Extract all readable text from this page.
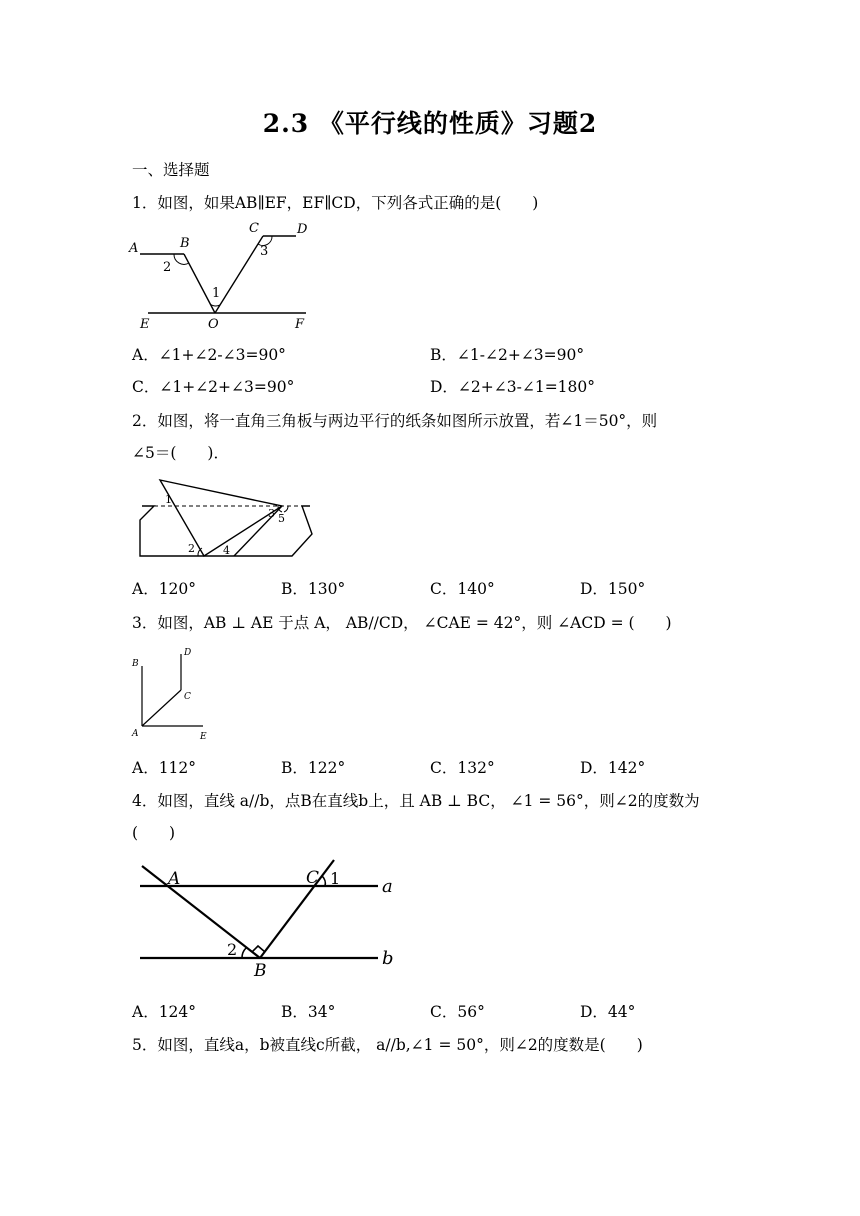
2.3 《平行线的性质》习题2
一、选择题
1．如图，如果AB∥EF，EF∥CD，下列各式正确的是(　　)
A	B
C	D
E	O	F
1
2
3
A．∠1+∠2-∠3=90°	B．∠1-∠2+∠3=90°
C．∠1+∠2+∠3=90°	D．∠2+∠3-∠1=180°
2．如图，将一直角三角板与两边平行的纸条如图所示放置，若∠1＝50°，则
∠5＝(　　)．
1
2
3
4
5
A．120°	B．130°	C．140°	D．150°
3．如图，AB ⊥ AE 于点 A， AB//CD， ∠CAE = 42°，则 ∠ACD = (　　)
B
D
C
A	E
A．112°	B．122°	C．132°	D．142°
4．如图，直线 a//b，点B在直线b上，且 AB ⊥ BC， ∠1 = 56°，则∠2的度数为
(　　)
A
B
C	a
b
1
2
A．124°	B．34°	C．56°	D．44°
5．如图，直线a，b被直线c所截， a//b,∠1 = 50°，则∠2的度数是(　　)
